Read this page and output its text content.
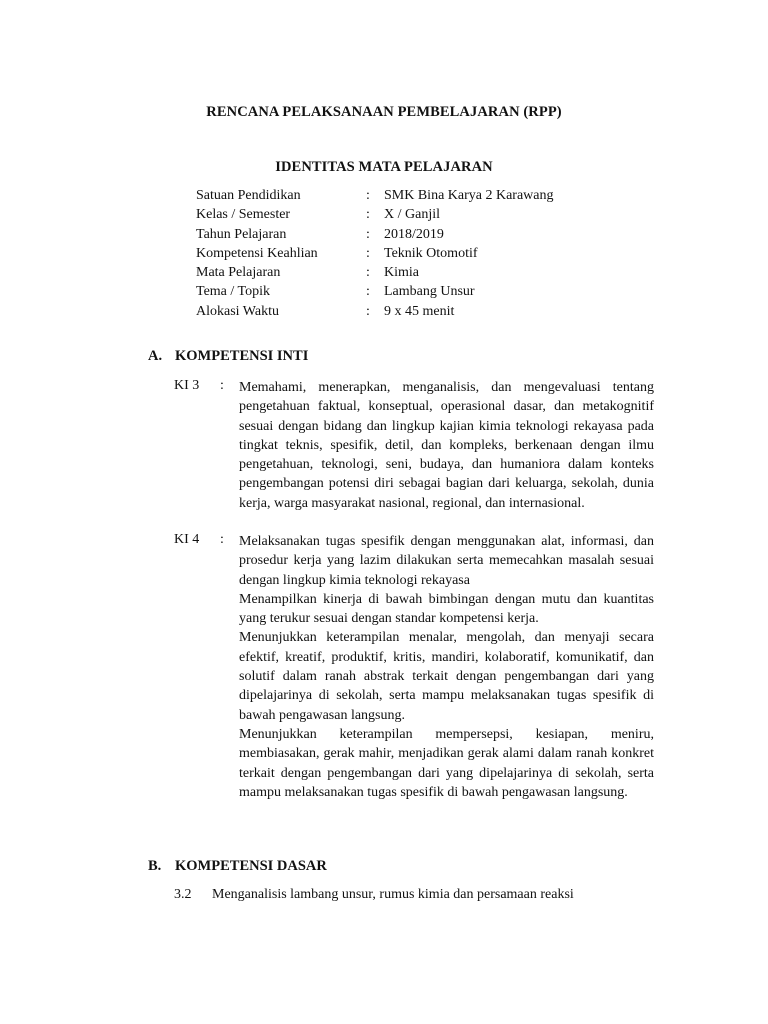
RENCANA PELAKSANAAN PEMBELAJARAN (RPP)
IDENTITAS MATA PELAJARAN
Satuan Pendidikan	: SMK Bina Karya 2 Karawang
Kelas / Semester	: X / Ganjil
Tahun Pelajaran	: 2018/2019
Kompetensi Keahlian	: Teknik Otomotif
Mata Pelajaran	: Kimia
Tema / Topik	: Lambang Unsur
Alokasi Waktu	: 9 x 45 menit
A. KOMPETENSI INTI
KI 3 : Memahami, menerapkan, menganalisis, dan mengevaluasi tentang pengetahuan faktual, konseptual, operasional dasar, dan metakognitif sesuai dengan bidang dan lingkup kajian kimia teknologi rekayasa pada tingkat teknis, spesifik, detil, dan kompleks, berkenaan dengan ilmu pengetahuan, teknologi, seni, budaya, dan humaniora dalam konteks pengembangan potensi diri sebagai bagian dari keluarga, sekolah, dunia kerja, warga masyarakat nasional, regional, dan internasional.

KI 4 : Melaksanakan tugas spesifik dengan menggunakan alat, informasi, dan prosedur kerja yang lazim dilakukan serta memecahkan masalah sesuai dengan lingkup kimia teknologi rekayasa

Menampilkan kinerja di bawah bimbingan dengan mutu dan kuantitas yang terukur sesuai dengan standar kompetensi kerja.

Menunjukkan keterampilan menalar, mengolah, dan menyaji secara efektif, kreatif, produktif, kritis, mandiri, kolaboratif, komunikatif, dan solutif dalam ranah abstrak terkait dengan pengembangan dari yang dipelajarinya di sekolah, serta mampu melaksanakan tugas spesifik di bawah pengawasan langsung.

Menunjukkan keterampilan mempersepsi, kesiapan, meniru, membiasakan, gerak mahir, menjadikan gerak alami dalam ranah konkret terkait dengan pengembangan dari yang dipelajarinya di sekolah, serta mampu melaksanakan tugas spesifik di bawah pengawasan langsung.

B. KOMPETENSI DASAR
3.2 Menganalisis lambang unsur, rumus kimia dan persamaan reaksi
